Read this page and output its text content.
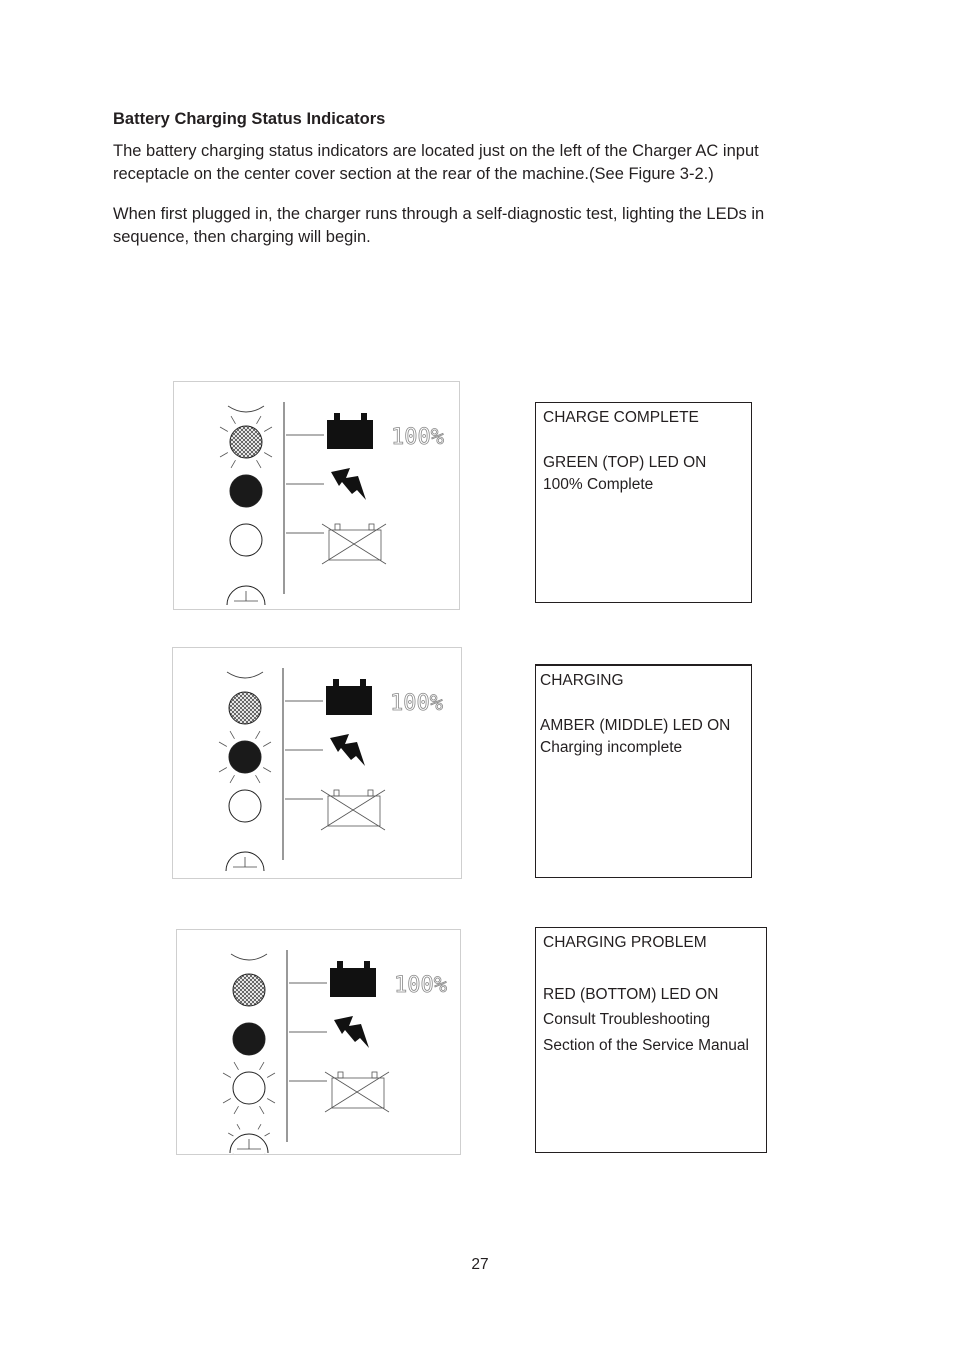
Battery Charging Status Indicators

The battery charging status indicators are located just on the left of the Charger AC input receptacle on the center cover section at the rear of the machine.(See Figure 3-2.)

When first plugged in, the charger runs through a self-diagnostic test, lighting the LEDs in sequence, then charging will begin.

100%
CHARGE COMPLETE
GREEN (TOP) LED ON
100% Complete
100%
CHARGING
AMBER (MIDDLE) LED ON
Charging incomplete
100%
CHARGING PROBLEM
RED (BOTTOM) LED ON
Consult Troubleshooting
Section of the Service Manual
27
